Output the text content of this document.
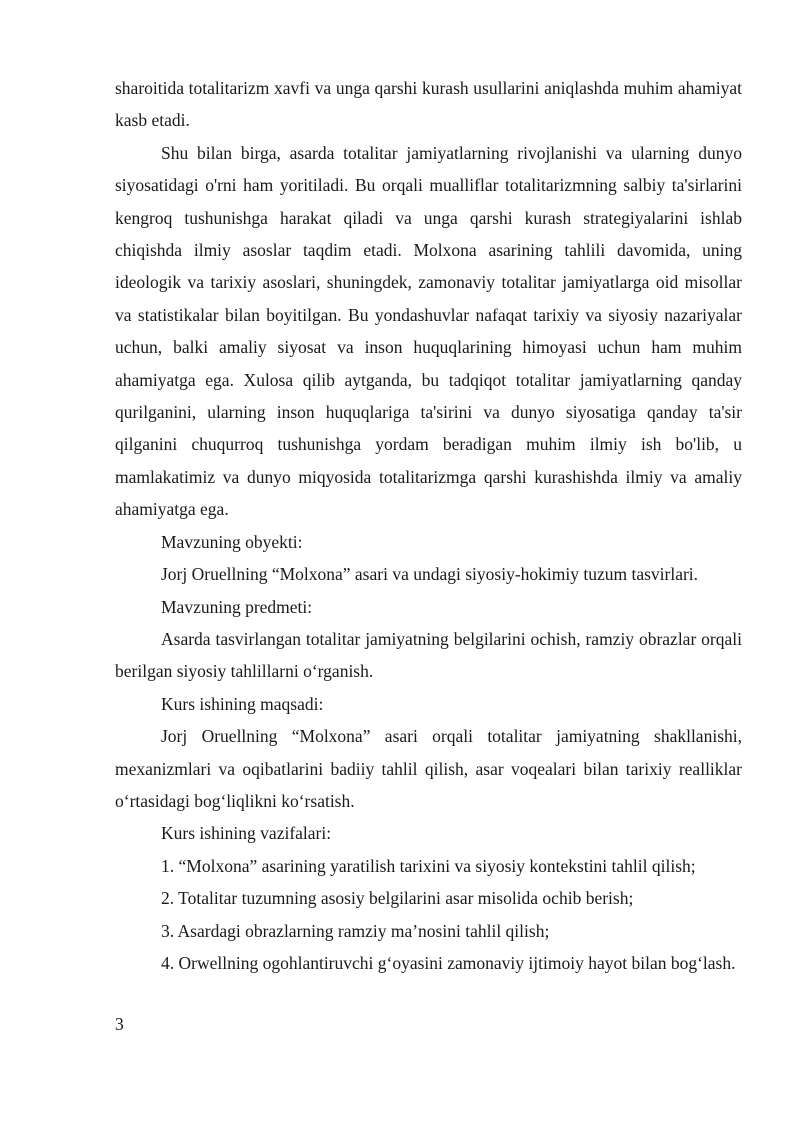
sharoitida totalitarizm xavfi va unga qarshi kurash usullarini aniqlashda muhim ahamiyat kasb etadi.

Shu bilan birga, asarda totalitar jamiyatlarning rivojlanishi va ularning dunyo siyosatidagi o'rni ham yoritiladi. Bu orqali mualliflar totalitarizmning salbiy ta'sirlarini kengroq tushunishga harakat qiladi va unga qarshi kurash strategiyalarini ishlab chiqishda ilmiy asoslar taqdim etadi. Molxona asarining tahlili davomida, uning ideologik va tarixiy asoslari, shuningdek, zamonaviy totalitar jamiyatlarga oid misollar va statistikalar bilan boyitilgan. Bu yondashuvlar nafaqat tarixiy va siyosiy nazariyalar uchun, balki amaliy siyosat va inson huquqlarining himoyasi uchun ham muhim ahamiyatga ega. Xulosa qilib aytganda, bu tadqiqot totalitar jamiyatlarning qanday qurilganini, ularning inson huquqlariga ta'sirini va dunyo siyosatiga qanday ta'sir qilganini chuqurroq tushunishga yordam beradigan muhim ilmiy ish bo'lib, u mamlakatimiz va dunyo miqyosida totalitarizmga qarshi kurashishda ilmiy va amaliy ahamiyatga ega.

Mavzuning obyekti:

Jorj Oruellning “Molxona” asari va undagi siyosiy-hokimiy tuzum tasvirlari.

Mavzuning predmeti:

Asarda tasvirlangan totalitar jamiyatning belgilarini ochish, ramziy obrazlar orqali berilgan siyosiy tahlillarni o‘rganish.

Kurs ishining maqsadi:

Jorj Oruellning “Molxona” asari orqali totalitar jamiyatning shakllanishi, mexanizmlari va oqibatlarini badiiy tahlil qilish, asar voqealari bilan tarixiy realliklar o‘rtasidagi bog‘liqlikni ko‘rsatish.

Kurs ishining vazifalari:

1. “Molxona” asarining yaratilish tarixini va siyosiy kontekstini tahlil qilish;

2. Totalitar tuzumning asosiy belgilarini asar misolida ochib berish;

3. Asardagi obrazlarning ramziy ma’nosini tahlil qilish;

4. Orwellning ogohlantiruvchi g‘oyasini zamonaviy ijtimoiy hayot bilan bog‘lash.

3
